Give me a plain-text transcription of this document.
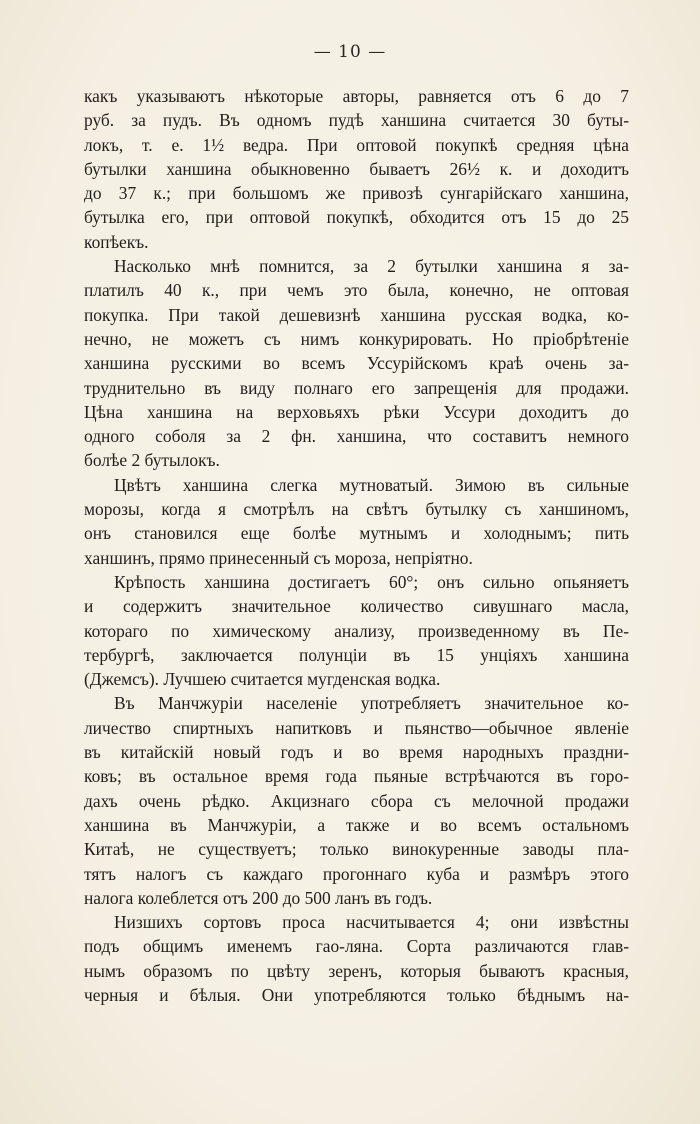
— 10 —
какъ указываютъ нѣкоторые авторы, равняется отъ 6 до 7
руб. за пудъ. Въ одномъ пудѣ ханшина считается 30 буты-
локъ, т. е. 1½ ведра. При оптовой покупкѣ средняя цѣна
бутылки ханшина обыкновенно бываетъ 26½ к. и доходитъ
до 37 к.; при большомъ же привозѣ сунгарійскаго ханшина,
бутылка его, при оптовой покупкѣ, обходится отъ 15 до 25
копѣекъ.
Насколько мнѣ помнится, за 2 бутылки ханшина я за-
платилъ 40 к., при чемъ это была, конечно, не оптовая
покупка. При такой дешевизнѣ ханшина русская водка, ко-
нечно, не можетъ съ нимъ конкурировать. Но пріобрѣтеніе
ханшина русскими во всемъ Уссурійскомъ краѣ очень за-
труднительно въ виду полнаго его запрещенія для продажи.
Цѣна ханшина на верховьяхъ рѣки Уссури доходитъ до
одного соболя за 2 фн. ханшина, что составитъ немного
болѣе 2 бутылокъ.
Цвѣтъ ханшина слегка мутноватый. Зимою въ сильные
морозы, когда я смотрѣлъ на свѣтъ бутылку съ ханшиномъ,
онъ становился еще болѣе мутнымъ и холоднымъ; пить
ханшинъ, прямо принесенный съ мороза, непріятно.
Крѣпость ханшина достигаетъ 60°; онъ сильно опьяняетъ
и содержитъ значительное количество сивушнаго масла,
котораго по химическому анализу, произведенному въ Пе-
тербургѣ, заключается полунціи въ 15 унціяхъ ханшина
(Джемсъ). Лучшею считается мугденская водка.
Въ Манчжуріи населеніе употребляетъ значительное ко-
личество спиртныхъ напитковъ и пьянство—обычное явленіе
въ китайскій новый годъ и во время народныхъ праздни-
ковъ; въ остальное время года пьяные встрѣчаются въ горо-
дахъ очень рѣдко. Акцизнаго сбора съ мелочной продажи
ханшина въ Манчжуріи, а также и во всемъ остальномъ
Китаѣ, не существуетъ; только винокуренные заводы пла-
тятъ налогъ съ каждаго прогоннаго куба и размѣръ этого
налога колеблется отъ 200 до 500 ланъ въ годъ.
Низшихъ сортовъ проса насчитывается 4; они извѣстны
подъ общимъ именемъ гао-ляна. Сорта различаются глав-
нымъ образомъ по цвѣту зеренъ, которыя бываютъ красныя,
черныя и бѣлыя. Они употребляются только бѣднымъ на-
